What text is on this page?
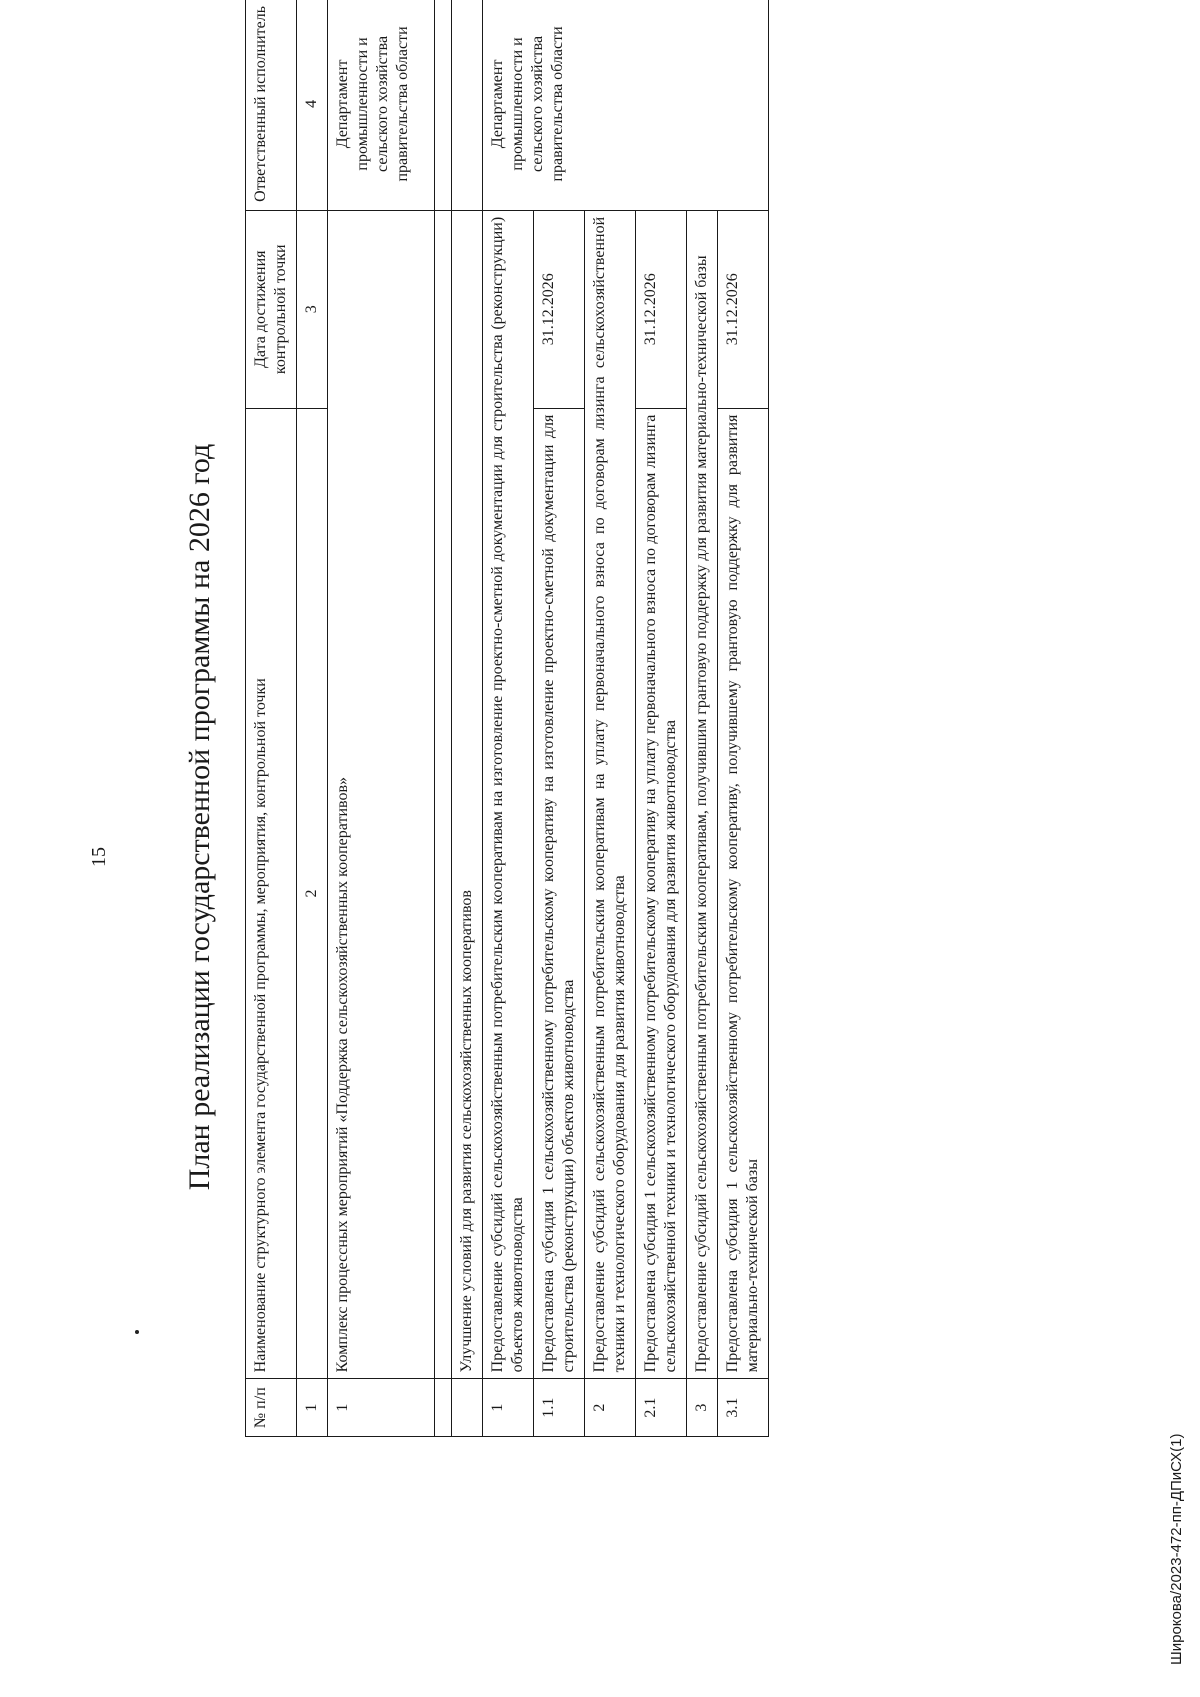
15 План реализации государственной программы на 2026 год
№ п/п	Наименование структурного элемента государственной программы, мероприятия, контрольной точки	Дата достижения контрольной точки	Ответственный исполнитель
1	2	3	4
1	Комплекс процессных мероприятий «Поддержка сельскохозяйственных кооперативов»		Департамент промышленности и сельского хозяйства правительства области

	Улучшение условий для развития сельскохозяйственных кооперативов		
1	Предоставление субсидий сельскохозяйственным потребительским кооперативам на изготовление проектно-сметной документации для строительства (реконструкции) объектов животноводства		Департамент промышленности и сельского хозяйства правительства области
1.1	Предоставлена субсидия 1 сельскохозяйственному потребительскому кооперативу на изготовление проектно-сметной документации для строительства (реконструкции) объектов животноводства	31.12.2026	
2	Предоставление субсидий сельскохозяйственным потребительским кооперативам на уплату первоначального взноса по договорам лизинга сельскохозяйственной техники и технологического оборудования для развития животноводства		
2.1	Предоставлена субсидия 1 сельскохозяйственному потребительскому кооперативу на уплату первоначального взноса по договорам лизинга сельскохозяйственной техники и технологического оборудования для развития животноводства	31.12.2026	
3	Предоставление субсидий сельскохозяйственным потребительским кооперативам, получившим грантовую поддержку для развития материально-технической базы		
3.1	Предоставлена субсидия 1 сельскохозяйственному потребительскому кооперативу, получившему грантовую поддержку для развития материально-технической базы	31.12.2026	
Широкова/2023-472-пп-ДПиСХ(1)
